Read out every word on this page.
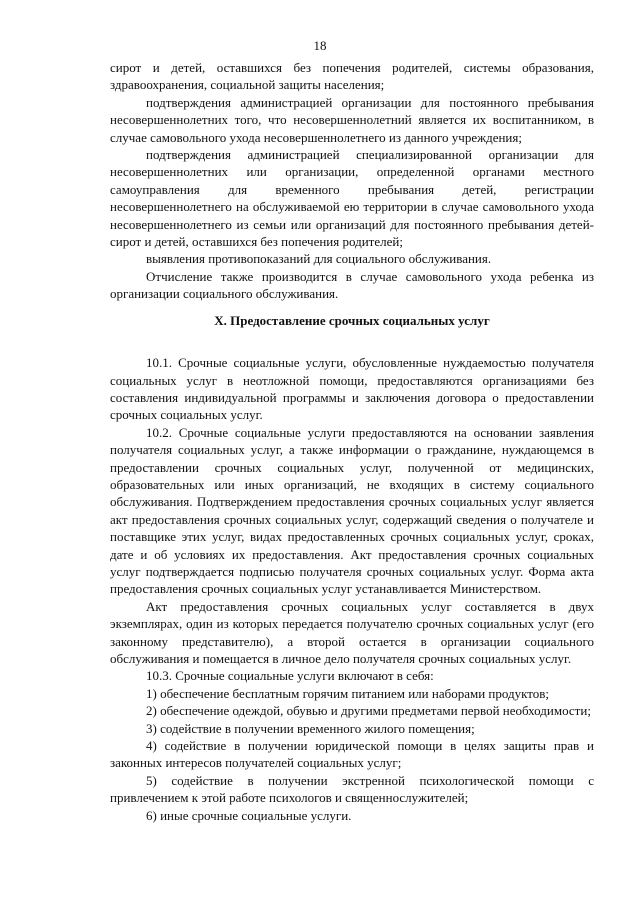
18

сирот и детей, оставшихся без попечения родителей, системы образования, здравоохранения, социальной защиты населения;

подтверждения администрацией организации для постоянного пребывания несовершеннолетних того, что несовершеннолетний является их воспитанником, в случае самовольного ухода несовершеннолетнего из данного учреждения;

подтверждения администрацией специализированной организации для несовершеннолетних или организации, определенной органами местного самоуправления для временного пребывания детей, регистрации несовершеннолетнего на обслуживаемой ею территории в случае самовольного ухода несовершеннолетнего из семьи или организаций для постоянного пребывания детей-сирот и детей, оставшихся без попечения родителей;

выявления противопоказаний для социального обслуживания.

Отчисление также производится в случае самовольного ухода ребенка из организации социального обслуживания.

X. Предоставление срочных социальных услуг

10.1. Срочные социальные услуги, обусловленные нуждаемостью получателя социальных услуг в неотложной помощи, предоставляются организациями без составления индивидуальной программы и заключения договора о предоставлении срочных социальных услуг.

10.2. Срочные социальные услуги предоставляются на основании заявления получателя социальных услуг, а также информации о гражданине, нуждающемся в предоставлении срочных социальных услуг, полученной от медицинских, образовательных или иных организаций, не входящих в систему социального обслуживания. Подтверждением предоставления срочных социальных услуг является акт предоставления срочных социальных услуг, содержащий сведения о получателе и поставщике этих услуг, видах предоставленных срочных социальных услуг, сроках, дате и об условиях их предоставления. Акт предоставления срочных социальных услуг подтверждается подписью получателя срочных социальных услуг. Форма акта предоставления срочных социальных услуг устанавливается Министерством.

Акт предоставления срочных социальных услуг составляется в двух экземплярах, один из которых передается получателю срочных социальных услуг (его законному представителю), а второй остается в организации социального обслуживания и помещается в личное дело получателя срочных социальных услуг.

10.3. Срочные социальные услуги включают в себя:

1) обеспечение бесплатным горячим питанием или наборами продуктов;

2) обеспечение одеждой, обувью и другими предметами первой необходимости;

3) содействие в получении временного жилого помещения;

4) содействие в получении юридической помощи в целях защиты прав и законных интересов получателей социальных услуг;

5) содействие в получении экстренной психологической помощи с привлечением к этой работе психологов и священнослужителей;

6) иные срочные социальные услуги.
